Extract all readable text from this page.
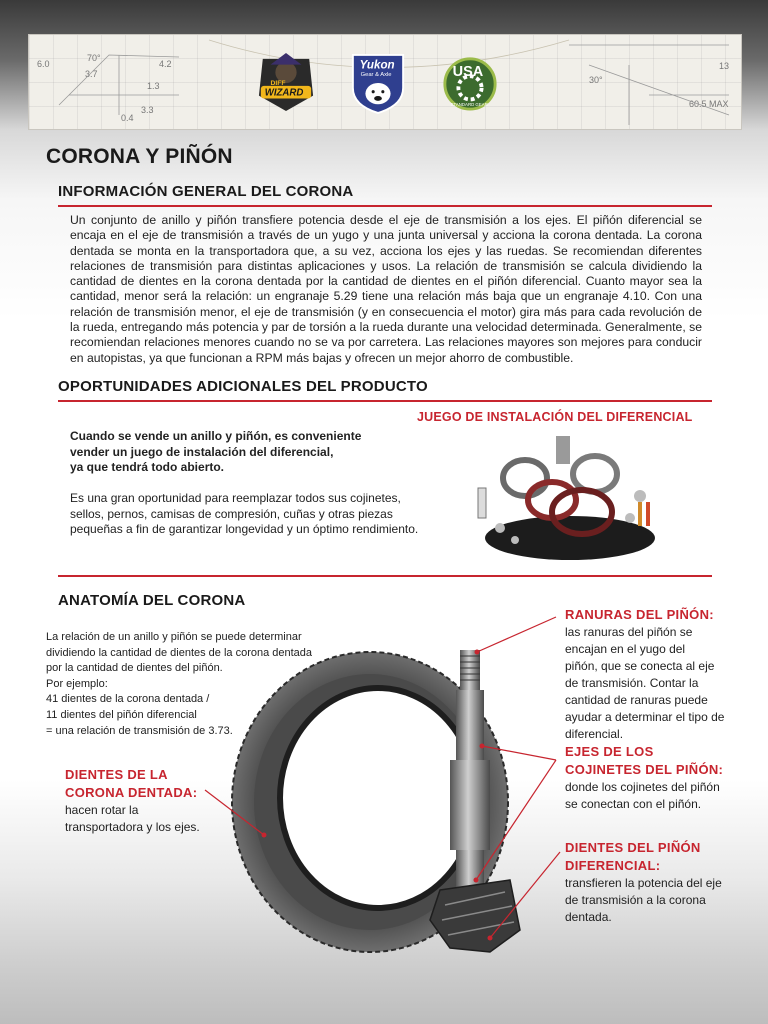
6.0
70°
3.7
4.2
1.3
3.3
0.4
13
30°
60.5 MAX
DIFF
WIZARD
Yukon
Gear & Axle	USA
STANDARD GEAR
CORONA Y PIÑÓN
INFORMACIÓN GENERAL DEL CORONA
Un conjunto de anillo y piñón transfiere potencia desde el eje de transmisión a los ejes. El piñón diferencial se encaja en el eje de transmisión a través de un yugo y una junta universal y acciona la corona dentada. La corona dentada se monta en la transportadora que, a su vez, acciona los ejes y las ruedas. Se recomiendan diferentes relaciones de transmisión para distintas aplicaciones y usos. La relación de transmisión se calcula dividiendo la cantidad de dientes en la corona dentada por la cantidad de dientes en el piñón diferencial. Cuanto mayor sea la cantidad, menor será la relación: un engranaje 5.29 tiene una relación más baja que un engranaje 4.10. Con una relación de transmisión menor, el eje de transmisión (y en consecuencia el motor) gira más para cada revolución de la rueda, entregando más potencia y par de torsión a la rueda durante una velocidad determinada. Generalmente, se recomiendan relaciones menores cuando no se va por carretera. Las relaciones mayores son mejores para conducir en autopistas, ya que funcionan a RPM más bajas y ofrecen un mejor ahorro de combustible.
OPORTUNIDADES ADICIONALES DEL PRODUCTO
JUEGO DE INSTALACIÓN DEL DIFERENCIAL
Cuando se vende un anillo y piñón, es conveniente
vender un juego de instalación del diferencial,
ya que tendrá todo abierto.
Es una gran oportunidad para reemplazar todos sus cojinetes,
sellos, pernos, camisas de compresión, cuñas y otras piezas
pequeñas a fin de garantizar longevidad y un óptimo rendimiento.
ANATOMÍA DEL CORONA
La relación de un anillo y piñón se puede determinar
dividiendo la cantidad de dientes de la corona dentada
por la cantidad de dientes del piñón.
Por ejemplo:
41 dientes de la corona dentada /
11 dientes del piñón diferencial
= una relación de transmisión de 3.73.
DIENTES DE LA
CORONA DENTADA:
hacen rotar la
transportadora y los ejes.
RANURAS DEL PIÑÓN:
las ranuras del piñón se
encajan en el yugo del
piñón, que se conecta al eje
de transmisión. Contar la
cantidad de ranuras puede
ayudar a determinar el tipo de
diferencial.
EJES DE LOS
COJINETES DEL PIÑÓN:
donde los cojinetes del piñón
se conectan con el piñón.
DIENTES DEL PIÑÓN
DIFERENCIAL:
transfieren la potencia del eje
de transmisión a la corona
dentada.
